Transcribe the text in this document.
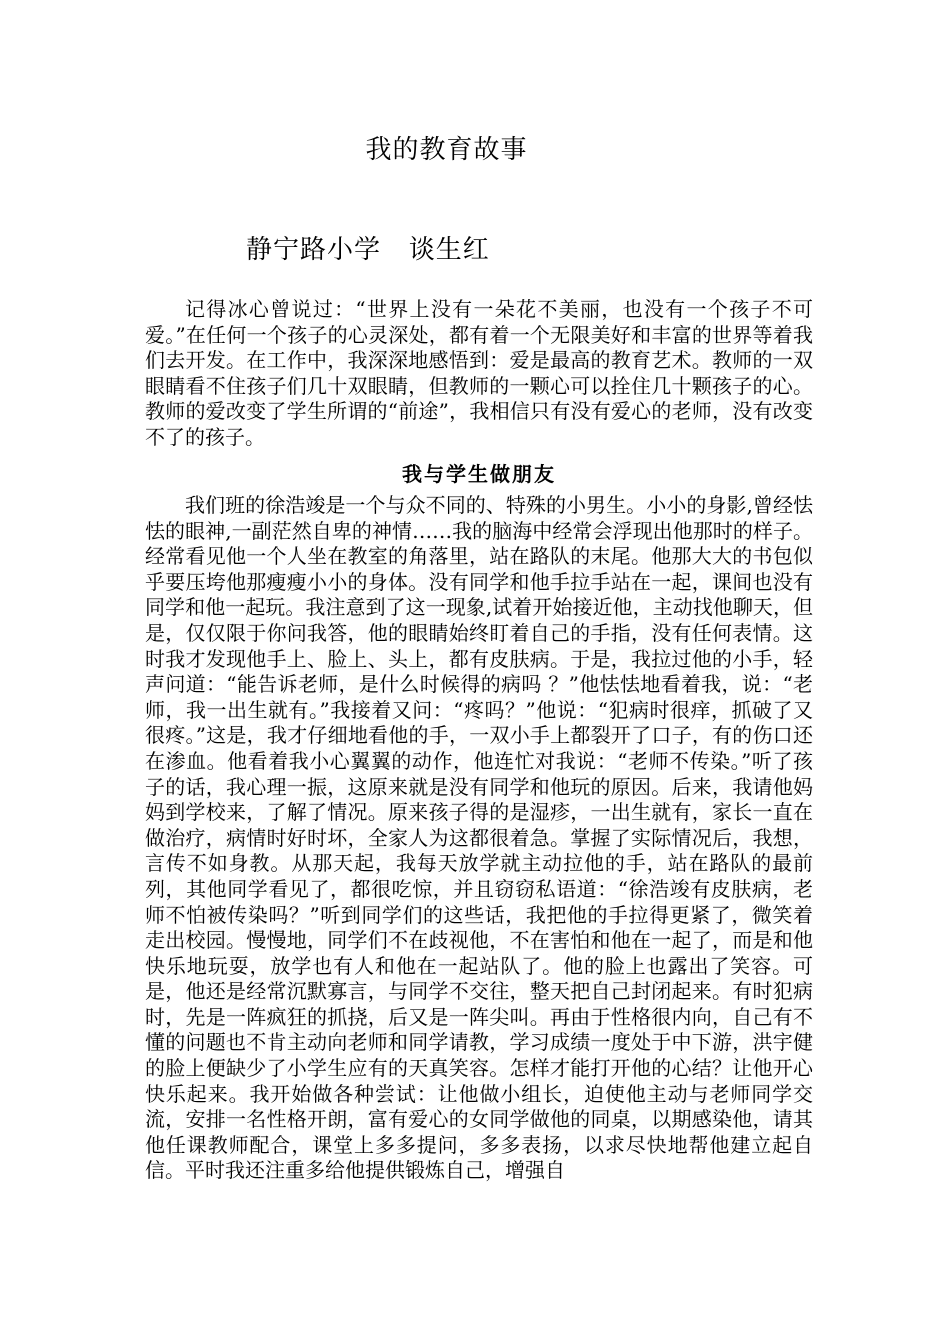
我的教育故事
静宁路小学   谈生红

记得冰心曾说过：“世界上没有一朵花不美丽，也没有一个孩子不可爱。”在任何一个孩子的心灵深处，都有着一个无限美好和丰富的世界等着我们去开发。在工作中，我深深地感悟到：爱是最高的教育艺术。教师的一双眼睛看不住孩子们几十双眼睛，但教师的一颗心可以拴住几十颗孩子的心。教师的爱改变了学生所谓的“前途”，我相信只有没有爱心的老师，没有改变不了的孩子。

我与学生做朋友

我们班的徐浩竣是一个与众不同的、特殊的小男生。小小的身影,曾经怯怯的眼神,一副茫然自卑的神情……我的脑海中经常会浮现出他那时的样子。经常看见他一个人坐在教室的角落里，站在路队的末尾。他那大大的书包似乎要压垮他那瘦瘦小小的身体。没有同学和他手拉手站在一起，课间也没有同学和他一起玩。我注意到了这一现象,试着开始接近他，主动找他聊天，但是，仅仅限于你问我答，他的眼睛始终盯着自己的手指，没有任何表情。这时我才发现他手上、脸上、头上，都有皮肤病。于是，我拉过他的小手，轻声问道：“能告诉老师，是什么时候得的病吗 ？”他怯怯地看着我，说：“老师，我一出生就有。”我接着又问：“疼吗？”他说：“犯病时很痒，抓破了又很疼。”这是，我才仔细地看他的手，一双小手上都裂开了口子，有的伤口还在渗血。他看着我小心翼翼的动作，他连忙对我说：“老师不传染。”听了孩子的话，我心理一振，这原来就是没有同学和他玩的原因。后来，我请他妈妈到学校来，了解了情况。原来孩子得的是湿疹，一出生就有，家长一直在做治疗，病情时好时坏，全家人为这都很着急。掌握了实际情况后，我想，言传不如身教。从那天起，我每天放学就主动拉他的手，站在路队的最前列，其他同学看见了，都很吃惊，并且窃窃私语道：“徐浩竣有皮肤病，老师不怕被传染吗？”听到同学们的这些话，我把他的手拉得更紧了，微笑着走出校园。慢慢地，同学们不在歧视他，不在害怕和他在一起了，而是和他快乐地玩耍，放学也有人和他在一起站队了。他的脸上也露出了笑容。可是，他还是经常沉默寡言，与同学不交往，整天把自己封闭起来。有时犯病时，先是一阵疯狂的抓挠，后又是一阵尖叫。再由于性格很内向，自己有不懂的问题也不肯主动向老师和同学请教，学习成绩一度处于中下游，洪宇健的脸上便缺少了小学生应有的天真笑容。怎样才能打开他的心结？让他开心快乐起来。我开始做各种尝试：让他做小组长，迫使他主动与老师同学交流，安排一名性格开朗，富有爱心的女同学做他的同桌，以期感染他，请其他任课教师配合，课堂上多多提问，多多表扬，以求尽快地帮他建立起自信。平时我还注重多给他提供锻炼自己，增强自
